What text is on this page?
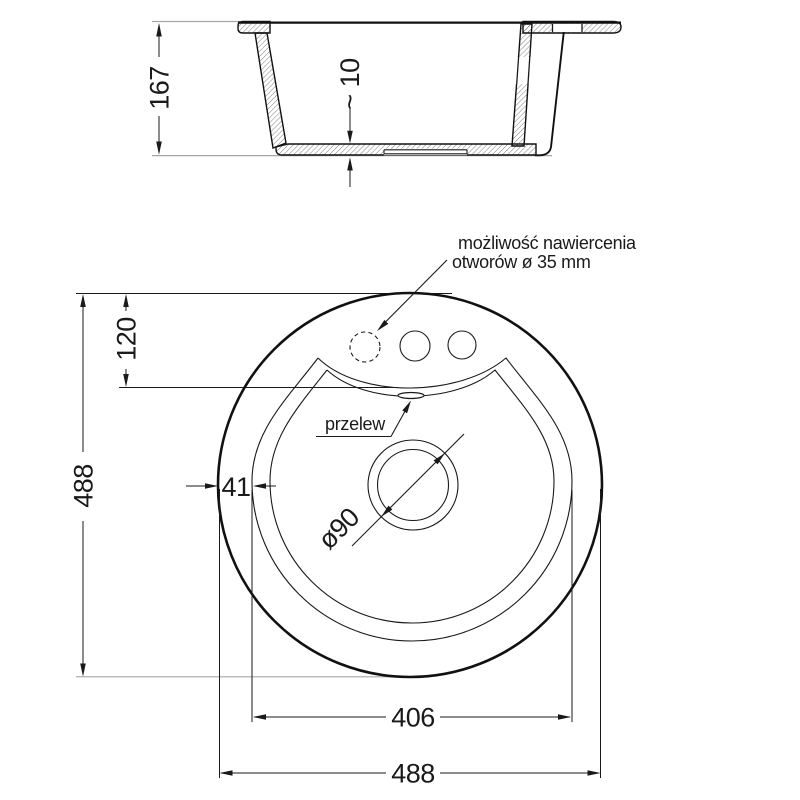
167	~ 10
ø90
przelew
możliwość nawiercenia
otworów ø 35 mm
488
120
41
406
488
